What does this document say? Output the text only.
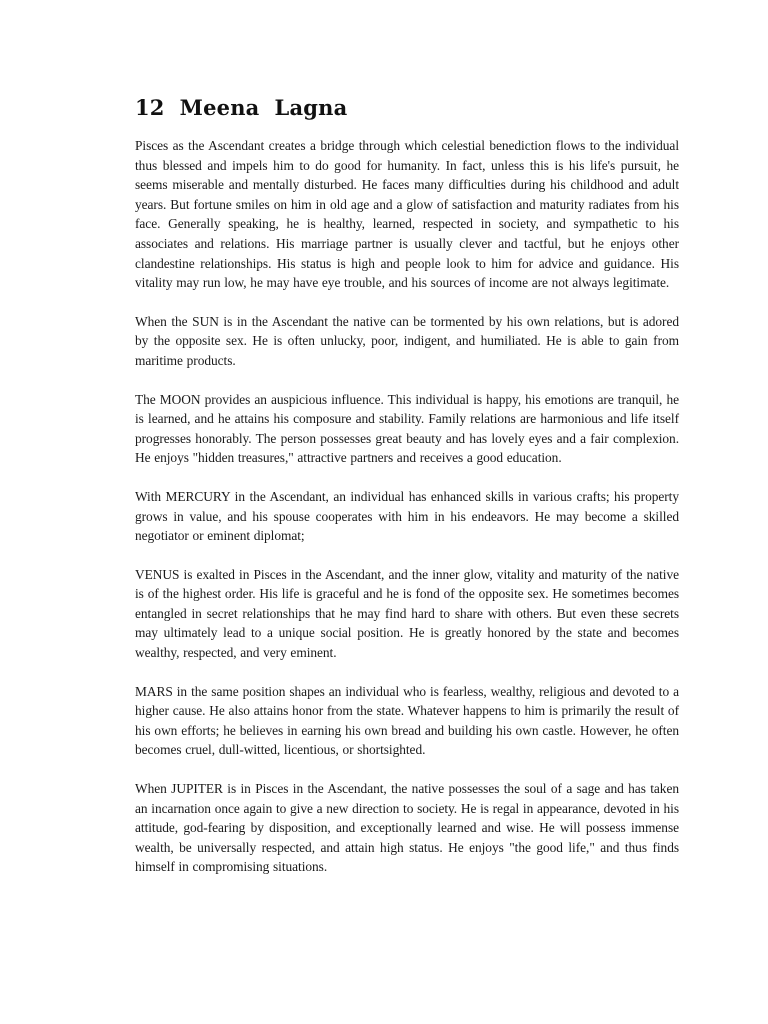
12  Meena  Lagna

Pisces as the Ascendant creates a bridge through which celestial benediction flows to the individual thus blessed and impels him to do good for humanity. In fact, unless this is his life's pursuit, he seems miserable and mentally disturbed. He faces many difficulties during his childhood and adult years. But fortune smiles on him in old age and a glow of satisfaction and maturity radiates from his face. Generally speaking, he is healthy, learned, respected in society, and sympathetic to his associates and relations. His marriage partner is usually clever and tactful, but he enjoys other clandestine relationships. His status is high and people look to him for advice and guidance. His vitality may run low, he may have eye trouble, and his sources of income are not always legitimate.

When the SUN is in the Ascendant the native can be tormented by his own relations, but is adored by the opposite sex. He is often unlucky, poor, indigent, and humiliated. He is able to gain from maritime products.

The MOON provides an auspicious influence. This individual is happy, his emotions are tranquil, he is learned, and he attains his composure and stability. Family relations are harmonious and life itself progresses honorably. The person possesses great beauty and has lovely eyes and a fair complexion. He enjoys "hidden treasures," attractive partners and receives a good education.

With MERCURY in the Ascendant, an individual has enhanced skills in various crafts; his property grows in value, and his spouse cooperates with him in his endeavors. He may become a skilled negotiator or eminent diplomat;

VENUS is exalted in Pisces in the Ascendant, and the inner glow, vitality and maturity of the native is of the highest order. His life is graceful and he is fond of the opposite sex. He sometimes becomes entangled in secret relationships that he may find hard to share with others. But even these secrets may ultimately lead to a unique social position. He is greatly honored by the state and becomes wealthy, respected, and very eminent.

MARS in the same position shapes an individual who is fearless, wealthy, religious and devoted to a higher cause. He also attains honor from the state. Whatever happens to him is primarily the result of his own efforts; he believes in earning his own bread and building his own castle. However, he often becomes cruel, dull-witted, licentious, or shortsighted.

When JUPITER is in Pisces in the Ascendant, the native possesses the soul of a sage and has taken an incarnation once again to give a new direction to society. He is regal in appearance, devoted in his attitude, god-fearing by disposition, and exceptionally learned and wise. He will possess immense wealth, be universally respected, and attain high status. He enjoys "the good life," and thus finds himself in compromising situations.
